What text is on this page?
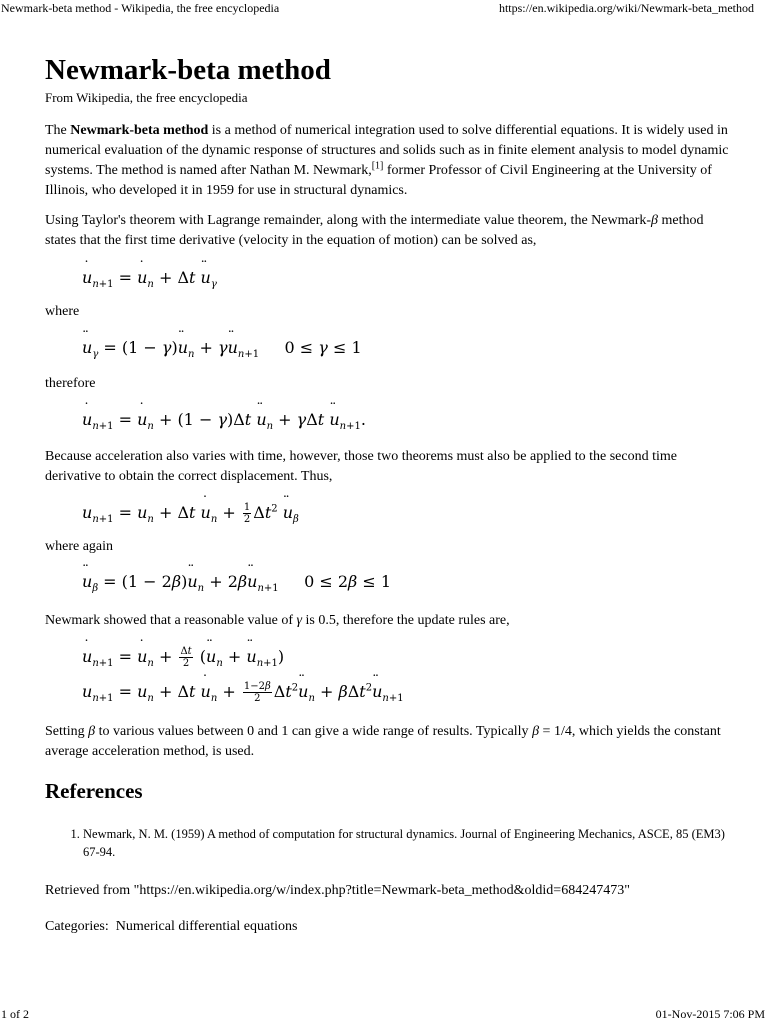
Newmark-beta method - Wikipedia, the free encyclopedia	https://en.wikipedia.org/wiki/Newmark-beta_method
Newmark-beta method
From Wikipedia, the free encyclopedia

The Newmark-beta method is a method of numerical integration used to solve differential equations. It is widely used in numerical evaluation of the dynamic response of structures and solids such as in finite element analysis to model dynamic systems. The method is named after Nathan M. Newmark,[1] former Professor of Civil Engineering at the University of Illinois, who developed it in 1959 for use in structural dynamics.

Using Taylor's theorem with Lagrange remainder, along with the intermediate value theorem, the Newmark-β method states that the first time derivative (velocity in the equation of motion) can be solved as,

u $˙_{n+1} = u$ $˙_n + \Delta t$ u $¨_\gamma$
where
u $¨_\gamma = (1 - \gamma)u$ $¨_n + \gamma u$ $¨_{n+1}$     0 ≤ γ ≤ 1
therefore
u $˙_{n+1} = u$ $˙_n + (1 - \gamma)\Delta t$ u $¨_n + \gamma\Delta t$ u $¨_{n+1}$.

Because acceleration also varies with time, however, those two theorems must also be applied to the second time derivative to obtain the correct displacement. Thus,

$u_{n+1} = u_n + \Delta t$ u $˙_n + \frac{1}{2} \Delta t^2$ u $¨_\beta$
where again
u $¨_\beta = (1 - 2\beta)u$ $¨_n + 2\beta u$ $¨_{n+1}$     0 ≤ 2β ≤ 1

Newmark showed that a reasonable value of γ is 0.5, therefore the update rules are,

u $˙_{n+1} = u$ $˙_n + \frac{\Delta t}{2} (u$ $¨_n + u$ $¨_{n+1}$)
$u_{n+1} = u_n + \Delta t$ u $˙_n + \frac{1-2\beta}{2} \Delta t^2u$ $¨_n + \beta\Delta t^2u$ $¨_{n+1}$

Setting β to various values between 0 and 1 can give a wide range of results. Typically β = 1/4, which yields the constant average acceleration method, is used.

References
1. Newmark, N. M. (1959) A method of computation for structural dynamics. Journal of Engineering Mechanics, ASCE, 85 (EM3) 67-94.
Retrieved from "https://en.wikipedia.org/w/index.php?title=Newmark-beta_method&oldid=684247473"
Categories: Numerical differential equations
1 of 2	01-Nov-2015 7:06 PM
